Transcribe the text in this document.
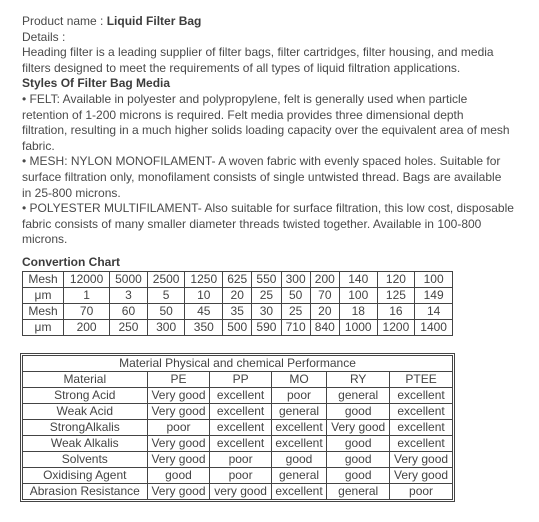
Product name : Liquid Filter Bag

Details :

Heading filter is a leading supplier of filter bags, filter cartridges, filter housing, and media

filters designed to meet the requirements of all types of liquid filtration applications.

Styles Of Filter Bag Media

• FELT: Available in polyester and polypropylene, felt is generally used when particle

retention of 1-200 microns is required. Felt media provides three dimensional depth

filtration, resulting in a much higher solids loading capacity over the equivalent area of mesh

fabric.

• MESH: NYLON MONOFILAMENT- A woven fabric with evenly spaced holes. Suitable for

surface filtration only, monofilament consists of single untwisted thread. Bags are available

in 25-800 microns.

• POLYESTER MULTIFILAMENT- Also suitable for surface filtration, this low cost, disposable

fabric consists of many smaller diameter threads twisted together. Available in 100-800

microns.

Convertion Chart
Mesh	12000	5000	2500	1250	625	550	300	200	140	120	100
μm	1	3	5	10	20	25	50	70	100	125	149
Mesh	70	60	50	45	35	30	25	20	18	16	14
μm	200	250	300	350	500	590	710	840	1000	1200	1400
Material Physical and chemical Performance					
Material	PE	PP	MO	RY	PTEE
Strong Acid	Very good	excellent	poor	general	excellent
Weak Acid	Very good	excellent	general	good	excellent
StrongAlkalis	poor	excellent	excellent	Very good	excellent
Weak Alkalis	Very good	excellent	excellent	good	excellent
Solvents	Very good	poor	good	good	Very good
Oxidising Agent	good	poor	general	good	Very good
Abrasion Resistance	Very good	very good	excellent	general	poor
